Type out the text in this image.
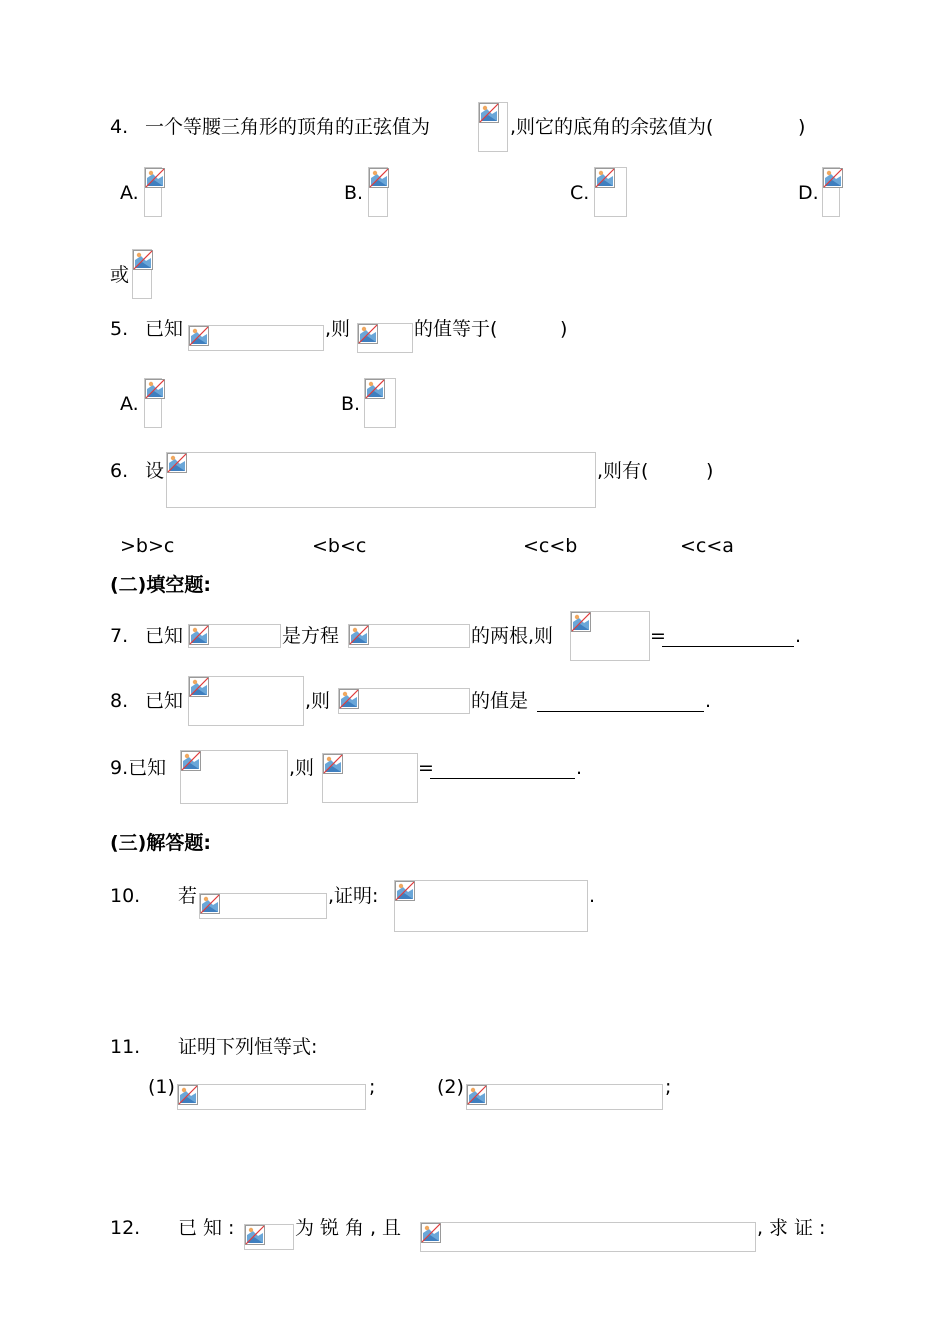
4. 一个等腰三角形的顶角的正弦值为	,则它的底角的余弦值为(	)
A.	B.	C.	D.
或
5. 已知	,则	的值等于(	)
A.	B.
6. 设	,则有(	)
>b>c	<b<c	<c<b	<c<a
(二)填空题:
7. 已知	是方程	的两根,则	=	.
8. 已知	,则	的值是	.
9.已知	,则	=	.
(三)解答题:
10. 若	,证明:	.
11. 证明下列恒等式:
(1)	;	(2)	;
12. 已知:	为锐角,且	,求证:
